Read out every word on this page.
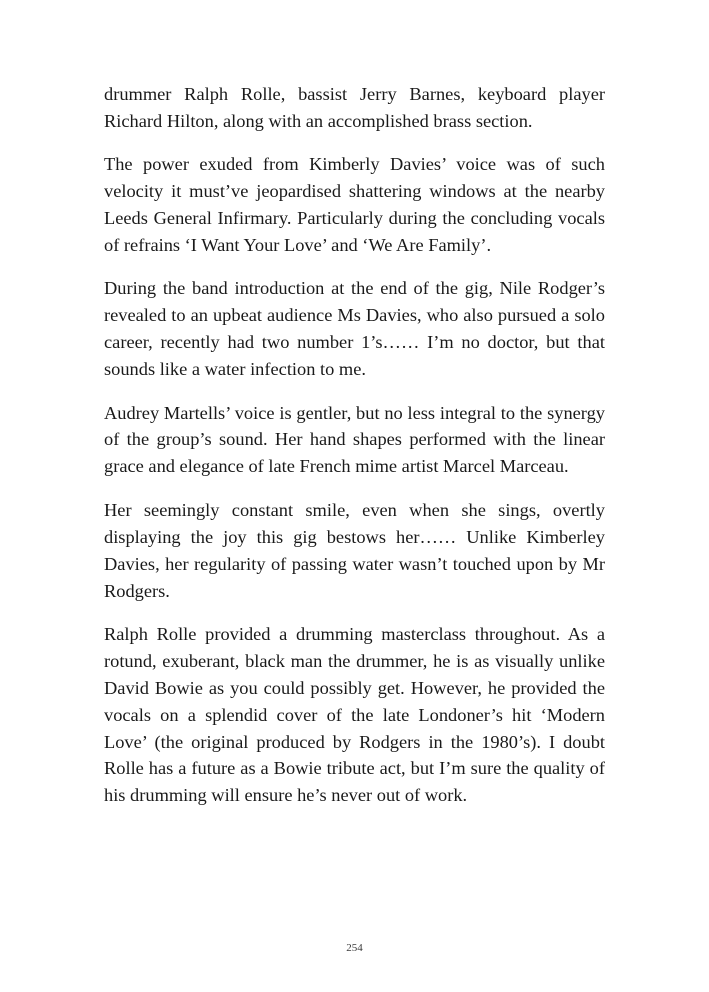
drummer Ralph Rolle, bassist Jerry Barnes, keyboard player Richard Hilton, along with an accomplished brass section.

The power exuded from Kimberly Davies’ voice was of such velocity it must’ve jeopardised shattering windows at the nearby Leeds General Infirmary. Particularly during the concluding vocals of refrains ‘I Want Your Love’ and ‘We Are Family’.

During the band introduction at the end of the gig, Nile Rodger’s revealed to an upbeat audience Ms Davies, who also pursued a solo career, recently had two number 1’s…… I’m no doctor, but that sounds like a water infection to me.

Audrey Martells’ voice is gentler, but no less integral to the synergy of the group’s sound. Her hand shapes performed with the linear grace and elegance of late French mime artist Marcel Marceau.

Her seemingly constant smile, even when she sings, overtly displaying the joy this gig bestows her…… Unlike Kimberley Davies, her regularity of passing water wasn’t touched upon by Mr Rodgers.

Ralph Rolle provided a drumming masterclass throughout. As a rotund, exuberant, black man the drummer, he is as visually unlike David Bowie as you could possibly get. However, he provided the vocals on a splendid cover of the late Londoner’s hit ‘Modern Love’ (the original produced by Rodgers in the 1980’s). I doubt Rolle has a future as a Bowie tribute act, but I’m sure the quality of his drumming will ensure he’s never out of work.

254
